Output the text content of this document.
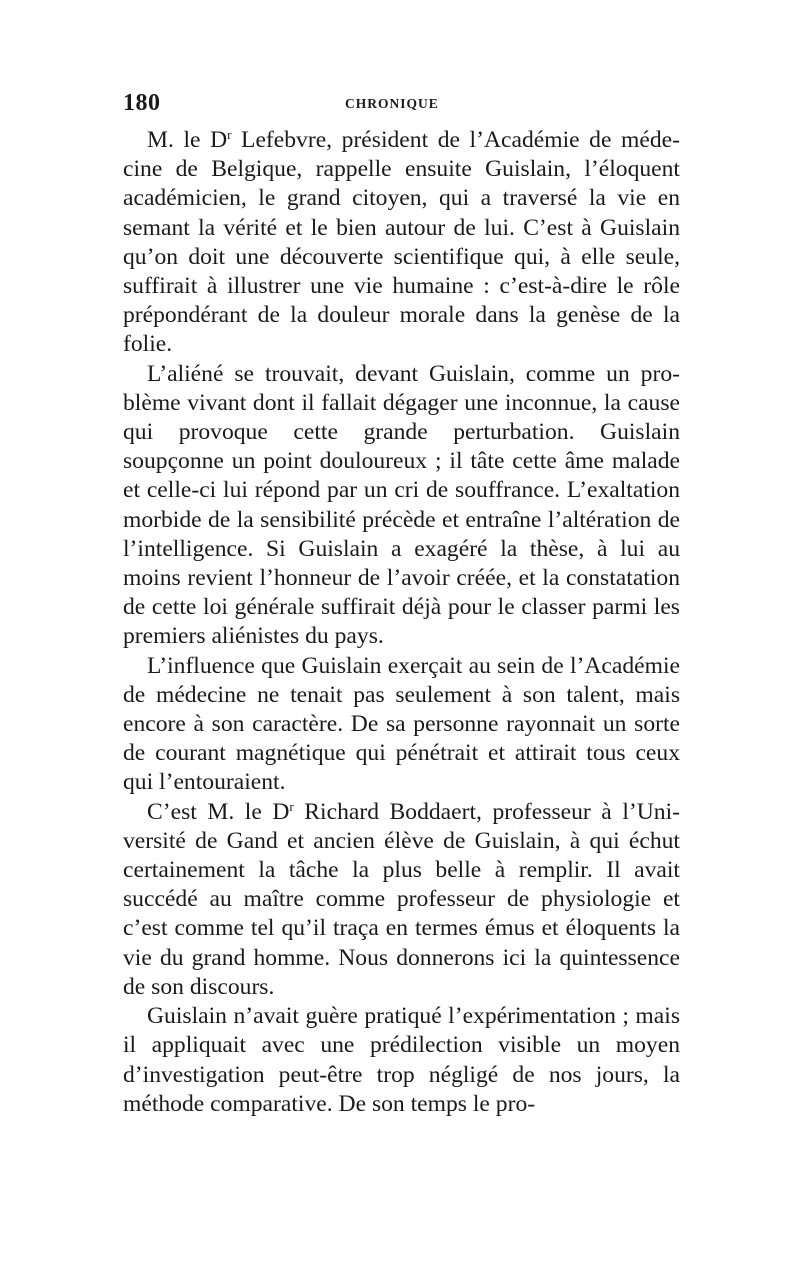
180	CHRONIQUE

M. le $D^r$ Lefebvre, président de l’Académie de médecine de Belgique, rappelle ensuite Guislain, l’éloquent académicien, le grand citoyen, qui a traversé la vie en semant la vérité et le bien autour de lui. C’est à Guislain qu’on doit une découverte scientifique qui, à elle seule, suffirait à illustrer une vie humaine : c’est-à-dire le rôle prépondérant de la douleur morale dans la genèse de la folie.

L’aliéné se trouvait, devant Guislain, comme un problème vivant dont il fallait dégager une inconnue, la cause qui provoque cette grande perturbation. Guislain soupçonne un point douloureux ; il tâte cette âme malade et celle-ci lui répond par un cri de souffrance. L’exaltation morbide de la sensibilité précède et entraîne l’altération de l’intelligence. Si Guislain a exagéré la thèse, à lui au moins revient l’honneur de l’avoir créée, et la constatation de cette loi générale suffirait déjà pour le classer parmi les premiers aliénistes du pays.

L’influence que Guislain exerçait au sein de l’Académie de médecine ne tenait pas seulement à son talent, mais encore à son caractère. De sa personne rayonnait un sorte de courant magnétique qui pénétrait et attirait tous ceux qui l’entouraient.

C’est M. le $D^r$ Richard Boddaert, professeur à l’Université de Gand et ancien élève de Guislain, à qui échut certainement la tâche la plus belle à remplir. Il avait succédé au maître comme professeur de physiologie et c’est comme tel qu’il traça en termes émus et éloquents la vie du grand homme. Nous donnerons ici la quintessence de son discours.

Guislain n’avait guère pratiqué l’expérimentation ; mais il appliquait avec une prédilection visible un moyen d’investigation peut-être trop négligé de nos jours, la méthode comparative. De son temps le pro-
